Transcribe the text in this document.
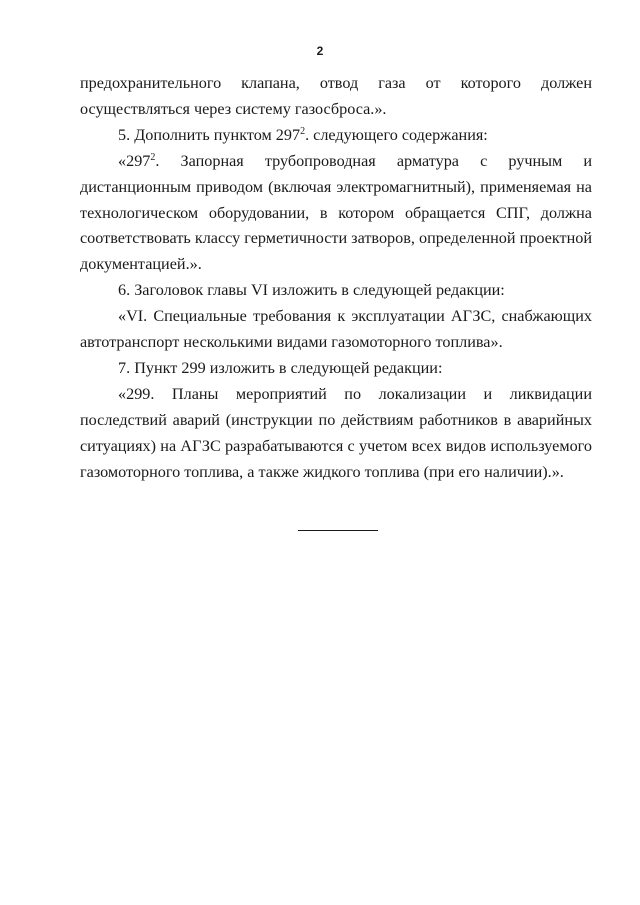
2

предохранительного клапана, отвод газа от которого должен осуществляться через систему газосброса.».

5. Дополнить пунктом $297^2$. следующего содержания:

«$297^2$. Запорная трубопроводная арматура с ручным и дистанционным приводом (включая электромагнитный), применяемая на технологическом оборудовании, в котором обращается СПГ, должна соответствовать классу герметичности затворов, определенной проектной документацией.».

6. Заголовок главы VI изложить в следующей редакции:

«VI. Специальные требования к эксплуатации АГЗС, снабжающих автотранспорт несколькими видами газомоторного топлива».

7. Пункт 299 изложить в следующей редакции:

«299. Планы мероприятий по локализации и ликвидации последствий аварий (инструкции по действиям работников в аварийных ситуациях) на АГЗС разрабатываются с учетом всех видов используемого газомоторного топлива, а также жидкого топлива (при его наличии).».
